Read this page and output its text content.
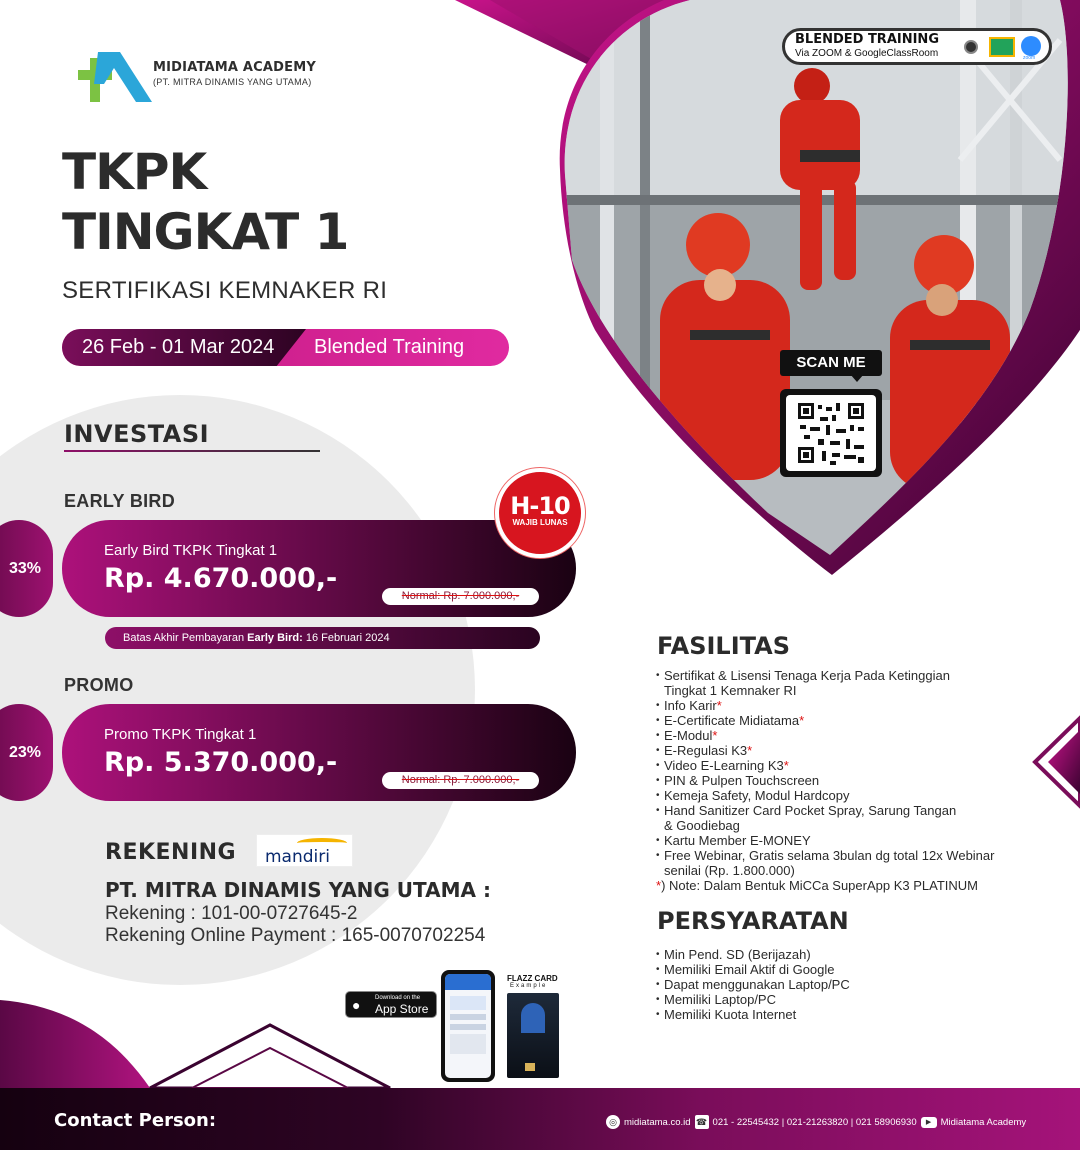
MIDIATAMA ACADEMY
(PT. MITRA DINAMIS YANG UTAMA)
BLENDED TRAINING
Via ZOOM & GoogleClassRoom	zoom
TKPK
TINGKAT 1
SERTIFIKASI KEMNAKER RI
26 Feb - 01 Mar 2024 Blended Training
SCAN ME
INVESTASI
EARLY BIRD
33%
Early Bird TKPK Tingkat 1
Rp. 4.670.000,-
Normal: Rp. 7.000.000,-
Batas Akhir Pembayaran Early Bird: 16 Februari 2024
H-10
WAJIB LUNAS
PROMO
23%
Promo TKPK Tingkat 1
Rp. 5.370.000,-
Normal: Rp. 7.000.000,-
REKENING mandiri
PT. MITRA DINAMIS YANG UTAMA :
Rekening : 101-00-0727645-2
Rekening Online Payment : 165-0070702254
● Download on the
App Store
FLAZZ CARD
Example
FASILITAS
• Sertifikat & Lisensi Tenaga Kerja Pada Ketinggian
Tingkat 1 Kemnaker RI
• Info Karir*
• E-Certificate Midiatama*
• E-Modul*
• E-Regulasi K3*
• Video E-Learning K3*
• PIN & Pulpen Touchscreen
• Kemeja Safety, Modul Hardcopy
• Hand Sanitizer Card Pocket Spray, Sarung Tangan
& Goodiebag
• Kartu Member E-MONEY
• Free Webinar, Gratis selama 3bulan dg total 12x Webinar
senilai (Rp. 1.800.000)
*) Note: Dalam Bentuk MiCCa SuperApp K3 PLATINUM
PERSYARATAN
• Min Pend. SD (Berijazah)
• Memiliki Email Aktif di Google
• Dapat menggunakan Laptop/PC
• Memiliki Laptop/PC
• Memiliki Kuota Internet
Contact Person:	◎ midiatama.co.id ☎ 021 - 22545432 | 021-21263820 | 021 58906930	▶ Midiatama Academy
